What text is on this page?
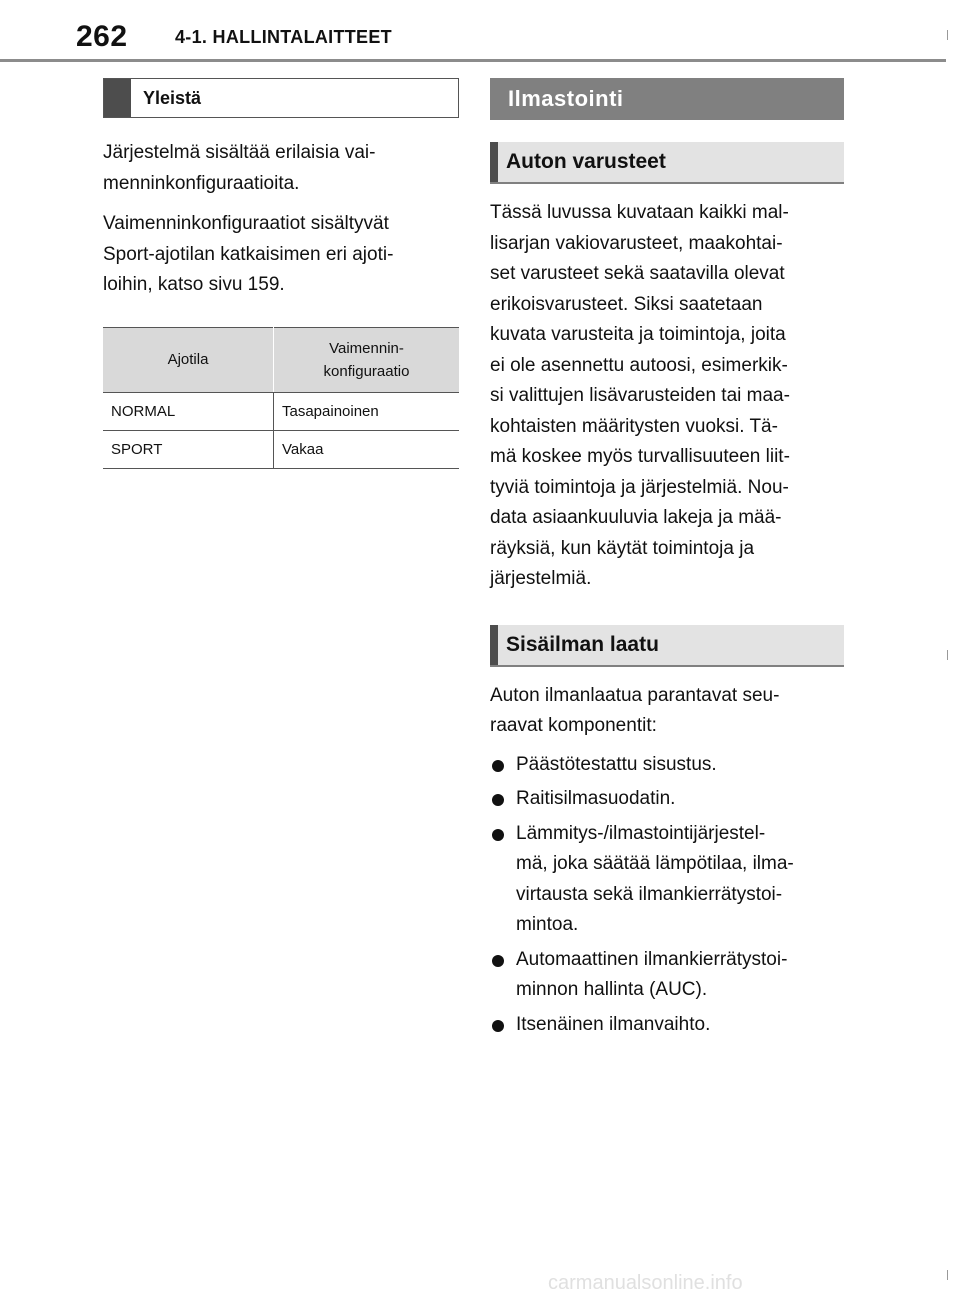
262	4-1. HALLINTALAITTEET
Yleistä

Järjestelmä sisältää erilaisia vai-
menninkonfiguraatioita.

Vaimenninkonfiguraatiot sisältyvät
Sport-ajotilan katkaisimen eri ajoti-
loihin, katso sivu 159.

Ajotila	Vaimennin-
konfiguraatio
NORMAL	Tasapainoinen
SPORT	Vakaa
Ilmastointi
Auton varusteet

Tässä luvussa kuvataan kaikki mal-
lisarjan vakiovarusteet, maakohtai-
set varusteet sekä saatavilla olevat
erikoisvarusteet. Siksi saatetaan
kuvata varusteita ja toimintoja, joita
ei ole asennettu autoosi, esimerkik-
si valittujen lisävarusteiden tai maa-
kohtaisten määritysten vuoksi. Tä-
mä koskee myös turvallisuuteen liit-
tyviä toimintoja ja järjestelmiä. Nou-
data asiaankuuluvia lakeja ja mää-
räyksiä, kun käytät toimintoja ja
järjestelmiä.

Sisäilman laatu

Auton ilmanlaatua parantavat seu-
raavat komponentit:

Päästötestattu sisustus.
Raitisilmasuodatin.
Lämmitys-/ilmastointijärjestel-
mä, joka säätää lämpötilaa, ilma-
virtausta sekä ilmankierrätystoi-
mintoa.
Automaattinen ilmankierrätystoi-
minnon hallinta (AUC).
Itsenäinen ilmanvaihto.
carmanualsonline.info
